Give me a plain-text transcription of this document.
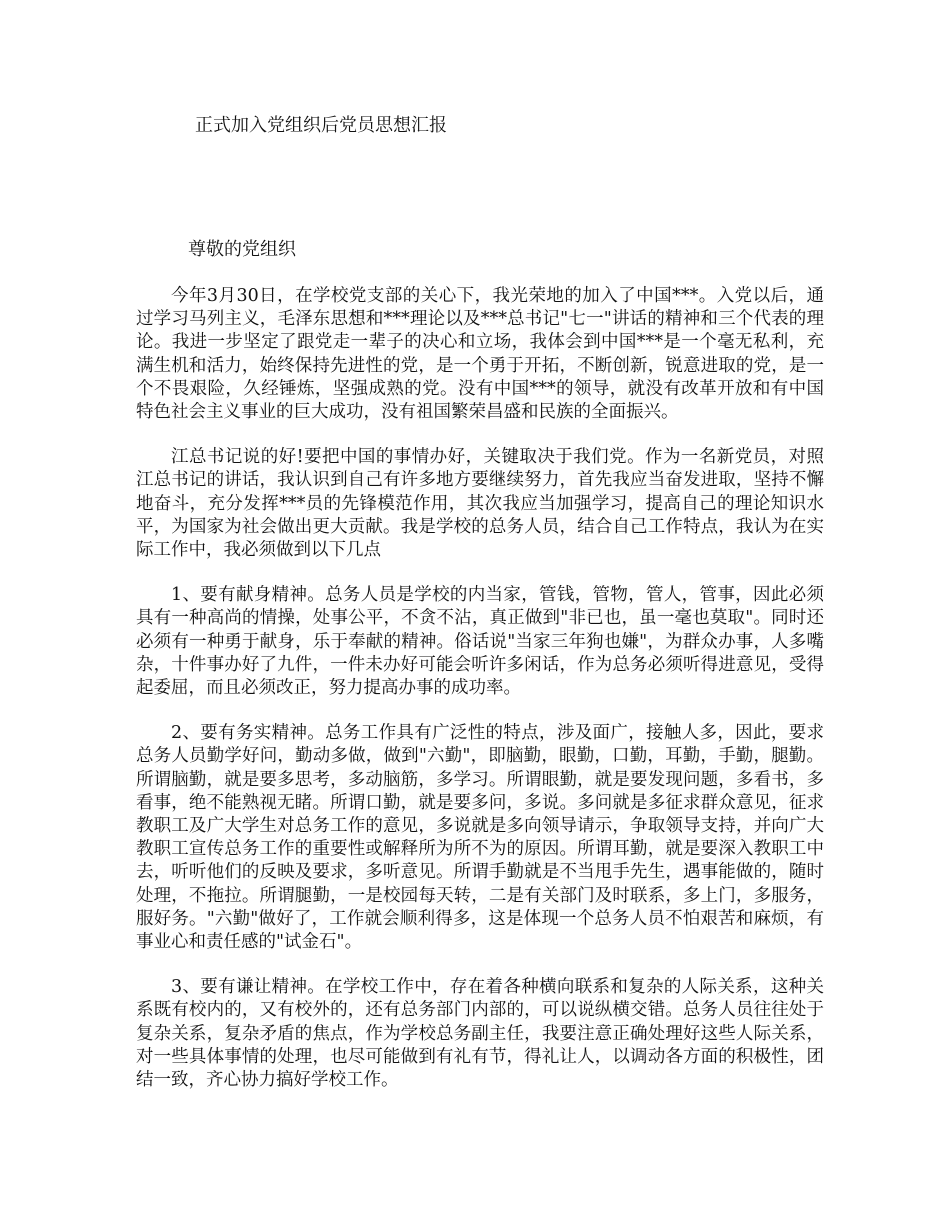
正式加入党组织后党员思想汇报

尊敬的党组织

今年3月30日，在学校党支部的关心下，我光荣地的加入了中国***。入党以后，通过学习马列主义，毛泽东思想和***理论以及***总书记"七一"讲话的精神和三个代表的理论。我进一步坚定了跟党走一辈子的决心和立场，我体会到中国***是一个毫无私利，充满生机和活力，始终保持先进性的党，是一个勇于开拓，不断创新，锐意进取的党，是一个不畏艰险，久经锤炼，坚强成熟的党。没有中国***的领导，就没有改革开放和有中国特色社会主义事业的巨大成功，没有祖国繁荣昌盛和民族的全面振兴。

江总书记说的好!要把中国的事情办好，关键取决于我们党。作为一名新党员，对照江总书记的讲话，我认识到自己有许多地方要继续努力，首先我应当奋发进取，坚持不懈地奋斗，充分发挥***员的先锋模范作用，其次我应当加强学习，提高自己的理论知识水平，为国家为社会做出更大贡献。我是学校的总务人员，结合自己工作特点，我认为在实际工作中，我必须做到以下几点

1、要有献身精神。总务人员是学校的内当家，管钱，管物，管人，管事，因此必须具有一种高尚的情操，处事公平，不贪不沾，真正做到"非已也，虽一毫也莫取"。同时还必须有一种勇于献身，乐于奉献的精神。俗话说"当家三年狗也嫌"，为群众办事，人多嘴杂，十件事办好了九件，一件未办好可能会听许多闲话，作为总务必须听得进意见，受得起委屈，而且必须改正，努力提高办事的成功率。

2、要有务实精神。总务工作具有广泛性的特点，涉及面广，接触人多，因此，要求总务人员勤学好问，勤动多做，做到"六勤"，即脑勤，眼勤，口勤，耳勤，手勤，腿勤。所谓脑勤，就是要多思考，多动脑筋，多学习。所谓眼勤，就是要发现问题，多看书，多看事，绝不能熟视无睹。所谓口勤，就是要多问，多说。多问就是多征求群众意见，征求教职工及广大学生对总务工作的意见，多说就是多向领导请示，争取领导支持，并向广大教职工宣传总务工作的重要性或解释所为所不为的原因。所谓耳勤，就是要深入教职工中去，听听他们的反映及要求，多听意见。所谓手勤就是不当甩手先生，遇事能做的，随时处理，不拖拉。所谓腿勤，一是校园每天转，二是有关部门及时联系，多上门，多服务，服好务。"六勤"做好了，工作就会顺利得多，这是体现一个总务人员不怕艰苦和麻烦，有事业心和责任感的"试金石"。

3、要有谦让精神。在学校工作中，存在着各种横向联系和复杂的人际关系，这种关系既有校内的，又有校外的，还有总务部门内部的，可以说纵横交错。总务人员往往处于复杂关系，复杂矛盾的焦点，作为学校总务副主任，我要注意正确处理好这些人际关系，对一些具体事情的处理，也尽可能做到有礼有节，得礼让人，以调动各方面的积极性，团结一致，齐心协力搞好学校工作。
